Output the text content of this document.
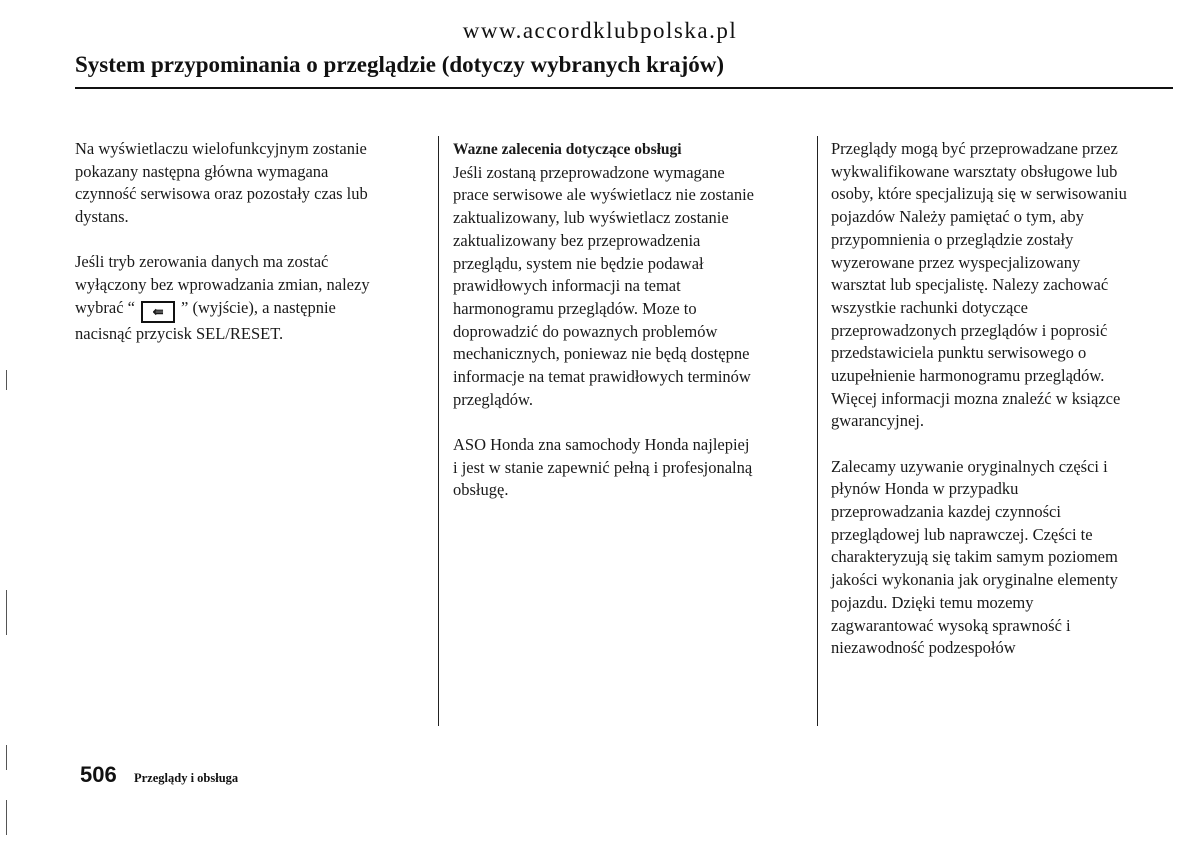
www.accordklubpolska.pl
System przypominania o przeglądzie (dotyczy wybranych krajów)

Na wyświetlaczu wielofunkcyjnym zostanie
pokazany następna główna wymagana
czynność serwisowa oraz pozostały czas lub
dystans.

Jeśli tryb zerowania danych ma zostać
wyłączony bez wprowadzania zmian, nalezy
wybrać “ ⇚ ” (wyjście), a następnie
nacisnąć przycisk SEL/RESET.

Wazne zalecenia dotyczące obsługi

Jeśli zostaną przeprowadzone wymagane
prace serwisowe ale wyświetlacz nie zostanie
zaktualizowany, lub wyświetlacz zostanie
zaktualizowany bez przeprowadzenia
przeglądu, system nie będzie podawał
prawidłowych informacji na temat
harmonogramu przeglądów. Moze to
doprowadzić do powaznych problemów
mechanicznych, poniewaz nie będą dostępne
informacje na temat prawidłowych terminów
przeglądów.

ASO Honda zna samochody Honda najlepiej
i jest w stanie zapewnić pełną i profesjonalną
obsługę.

Przeglądy mogą być przeprowadzane przez
wykwalifikowane warsztaty obsługowe lub
osoby, które specjalizują się w serwisowaniu
pojazdów Należy pamiętać o tym, aby
przypomnienia o przeglądzie zostały
wyzerowane przez wyspecjalizowany
warsztat lub specjalistę. Nalezy zachować
wszystkie rachunki dotyczące
przeprowadzonych przeglądów i poprosić
przedstawiciela punktu serwisowego o
uzupełnienie harmonogramu przeglądów.
Więcej informacji mozna znaleźć w ksiązce
gwarancyjnej.

Zalecamy uzywanie oryginalnych części i
płynów Honda w przypadku
przeprowadzania kazdej czynności
przeglądowej lub naprawczej. Części te
charakteryzują się takim samym poziomem
jakości wykonania jak oryginalne elementy
pojazdu. Dzięki temu mozemy
zagwarantować wysoką sprawność i
niezawodność podzespołów

506 Przeglądy i obsługa
